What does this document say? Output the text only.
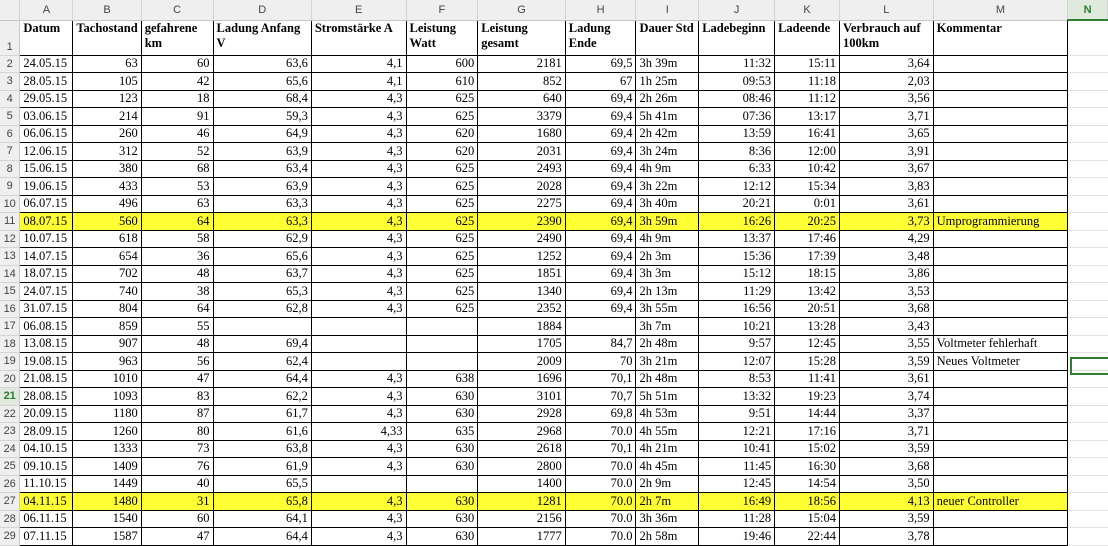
	A	B	C	D	E	F	G	H	I	J	K	L	M	N
1	Datum	Tachostand	gefahrene km	Ladung Anfang V	Stromstärke A	Leistung Watt	Leistung gesamt	Ladung Ende	Dauer Std	Ladebeginn	Ladeende	Verbrauch auf 100km	Kommentar	
2	24.05.15	63	60	63,6	4,1	600	2181	69,5	3h 39m	11:32	15:11	3,64		
3	28.05.15	105	42	65,6	4,1	610	852	67	1h 25m	09:53	11:18	2,03		
4	29.05.15	123	18	68,4	4,3	625	640	69,4	2h 26m	08:46	11:12	3,56		
5	03.06.15	214	91	59,3	4,3	625	3379	69,4	5h 41m	07:36	13:17	3,71		
6	06.06.15	260	46	64,9	4,3	620	1680	69,4	2h 42m	13:59	16:41	3,65		
7	12.06.15	312	52	63,9	4,3	620	2031	69,4	3h 24m	8:36	12:00	3,91		
8	15.06.15	380	68	63,4	4,3	625	2493	69,4	4h 9m	6:33	10:42	3,67		
9	19.06.15	433	53	63,9	4,3	625	2028	69,4	3h 22m	12:12	15:34	3,83		
10	06.07.15	496	63	63,3	4,3	625	2275	69,4	3h 40m	20:21	0:01	3,61		
11	08.07.15	560	64	63,3	4,3	625	2390	69,4	3h 59m	16:26	20:25	3,73	Umprogrammierung	
12	10.07.15	618	58	62,9	4,3	625	2490	69,4	4h 9m	13:37	17:46	4,29		
13	14.07.15	654	36	65,6	4,3	625	1252	69,4	2h 3m	15:36	17:39	3,48		
14	18.07.15	702	48	63,7	4,3	625	1851	69,4	3h 3m	15:12	18:15	3,86		
15	24.07.15	740	38	65,3	4,3	625	1340	69,4	2h 13m	11:29	13:42	3,53		
16	31.07.15	804	64	62,8	4,3	625	2352	69,4	3h 55m	16:56	20:51	3,68		
17	06.08.15	859	55				1884		3h 7m	10:21	13:28	3,43		
18	13.08.15	907	48	69,4			1705	84,7	2h 48m	9:57	12:45	3,55	Voltmeter fehlerhaft	
19	19.08.15	963	56	62,4			2009	70	3h 21m	12:07	15:28	3,59	Neues Voltmeter	
20	21.08.15	1010	47	64,4	4,3	638	1696	70,1	2h 48m	8:53	11:41	3,61		
21	28.08.15	1093	83	62,2	4,3	630	3101	70,7	5h 51m	13:32	19:23	3,74		
22	20.09.15	1180	87	61,7	4,3	630	2928	69,8	4h 53m	9:51	14:44	3,37		
23	28.09.15	1260	80	61,6	4,33	635	2968	70.0	4h 55m	12:21	17:16	3,71		
24	04.10.15	1333	73	63,8	4,3	630	2618	70,1	4h 21m	10:41	15:02	3,59		
25	09.10.15	1409	76	61,9	4,3	630	2800	70.0	4h 45m	11:45	16:30	3,68		
26	11.10.15	1449	40	65,5			1400	70.0	2h 9m	12:45	14:54	3,50		
27	04.11.15	1480	31	65,8	4,3	630	1281	70.0	2h 7m	16:49	18:56	4,13	neuer Controller	
28	06.11.15	1540	60	64,1	4,3	630	2156	70.0	3h 36m	11:28	15:04	3,59		
29	07.11.15	1587	47	64,4	4,3	630	1777	70.0	2h 58m	19:46	22:44	3,78		
